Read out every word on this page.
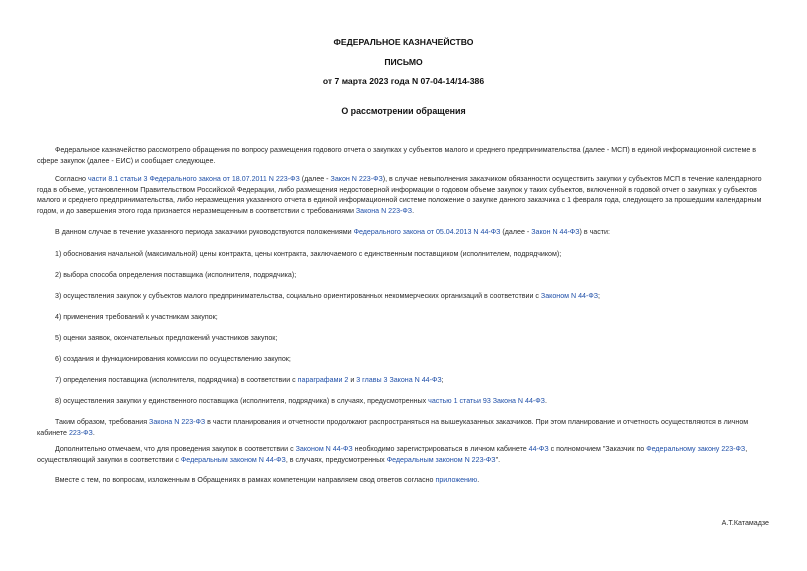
ФЕДЕРАЛЬНОЕ КАЗНАЧЕЙСТВО
ПИСЬМО
от 7 марта 2023 года N 07-04-14/14-386
О рассмотрении обращения

Федеральное казначейство рассмотрело обращения по вопросу размещения годового отчета о закупках у субъектов малого и среднего предпринимательства (далее - МСП) в единой информационной системе в сфере закупок (далее - ЕИС) и сообщает следующее.

Согласно части 8.1 статьи 3 Федерального закона от 18.07.2011 N 223-ФЗ (далее - Закон N 223-ФЗ), в случае невыполнения заказчиком обязанности осуществить закупки у субъектов МСП в течение календарного года в объеме, установленном Правительством Российской Федерации, либо размещения недостоверной информации о годовом объеме закупок у таких субъектов, включенной в годовой отчет о закупках у субъектов малого и среднего предпринимательства, либо неразмещения указанного отчета в единой информационной системе положение о закупке данного заказчика с 1 февраля года, следующего за прошедшим календарным годом, и до завершения этого года признается неразмещенным в соответствии с требованиями Закона N 223-ФЗ.

В данном случае в течение указанного периода заказчики руководствуются положениями Федерального закона от 05.04.2013 N 44-ФЗ (далее - Закон N 44-ФЗ) в части:

1) обоснования начальной (максимальной) цены контракта, цены контракта, заключаемого с единственным поставщиком (исполнителем, подрядчиком);

2) выбора способа определения поставщика (исполнителя, подрядчика);

3) осуществления закупок у субъектов малого предпринимательства, социально ориентированных некоммерческих организаций в соответствии с Законом N 44-ФЗ;

4) применения требований к участникам закупок;

5) оценки заявок, окончательных предложений участников закупок;

6) создания и функционирования комиссии по осуществлению закупок;

7) определения поставщика (исполнителя, подрядчика) в соответствии с параграфами 2 и 3 главы 3 Закона N 44-ФЗ;

8) осуществления закупки у единственного поставщика (исполнителя, подрядчика) в случаях, предусмотренных частью 1 статьи 93 Закона N 44-ФЗ.

Таким образом, требования Закона N 223-ФЗ в части планирования и отчетности продолжают распространяться на вышеуказанных заказчиков. При этом планирование и отчетность осуществляются в личном кабинете 223-ФЗ.

Дополнительно отмечаем, что для проведения закупок в соответствии с Законом N 44-ФЗ необходимо зарегистрироваться в личном кабинете 44-ФЗ с полномочием "Заказчик по Федеральному закону 223-ФЗ, осуществляющий закупки в соответствии с Федеральным законом N 44-ФЗ, в случаях, предусмотренных Федеральным законом N 223-ФЗ".

Вместе с тем, по вопросам, изложенным в Обращениях в рамках компетенции направляем свод ответов согласно приложению.

А.Т.Катамадзе
